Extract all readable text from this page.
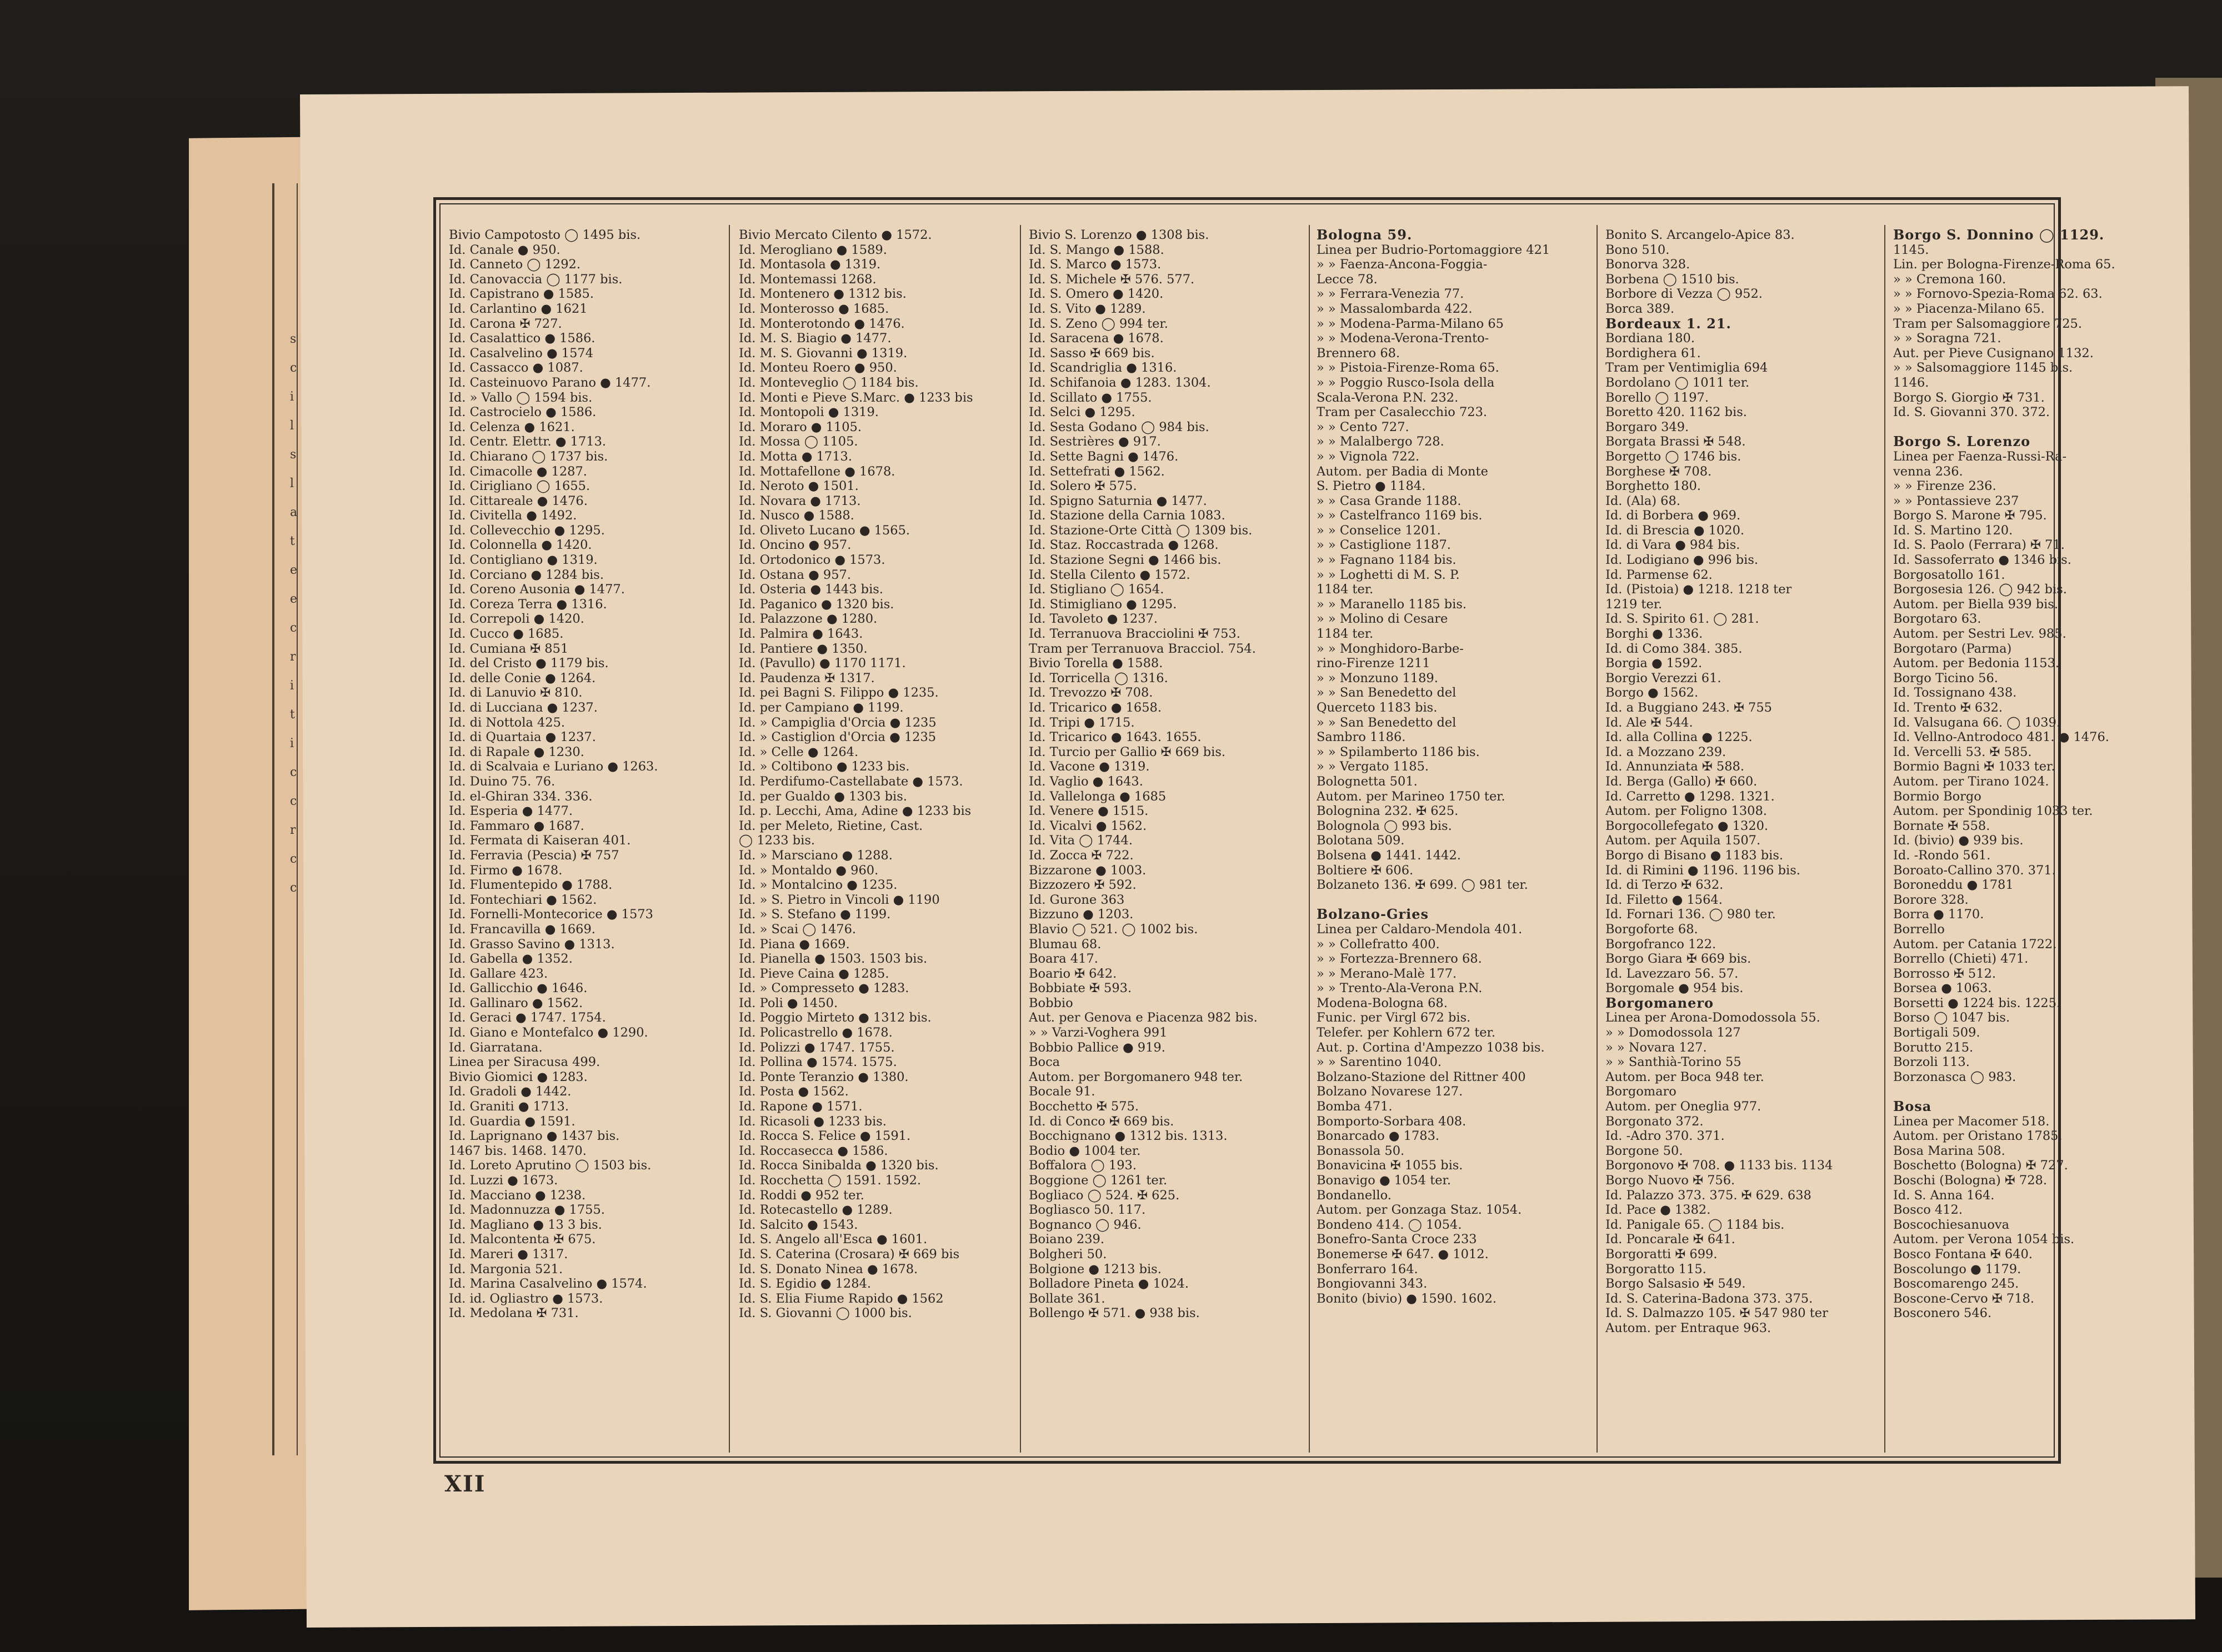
s
c
i
l
s
l
a
t
e
e
c
r
i
t
i
c
c
r
c
c
Bivio Campotosto ◯ 1495 bis.
Id. Canale ● 950.
Id. Canneto ◯ 1292.
Id. Canovaccia ◯ 1177 bis.
Id. Capistrano ● 1585.
Id. Carlantino ● 1621
Id. Carona ✠ 727.
Id. Casalattico ● 1586.
Id. Casalvelino ● 1574
Id. Cassacco ● 1087.
Id. Casteinuovo Parano ● 1477.
Id. » Vallo ◯ 1594 bis.
Id. Castrocielo ● 1586.
Id. Celenza ● 1621.
Id. Centr. Elettr. ● 1713.
Id. Chiarano ◯ 1737 bis.
Id. Cimacolle ● 1287.
Id. Cirigliano ◯ 1655.
Id. Cittareale ● 1476.
Id. Civitella ● 1492.
Id. Collevecchio ● 1295.
Id. Colonnella ● 1420.
Id. Contigliano ● 1319.
Id. Corciano ● 1284 bis.
Id. Coreno Ausonia ● 1477.
Id. Coreza Terra ● 1316.
Id. Correpoli ● 1420.
Id. Cucco ● 1685.
Id. Cumiana ✠ 851
Id. del Cristo ● 1179 bis.
Id. delle Conie ● 1264.
Id. di Lanuvio ✠ 810.
Id. di Lucciana ● 1237.
Id. di Nottola 425.
Id. di Quartaia ● 1237.
Id. di Rapale ● 1230.
Id. di Scalvaia e Luriano ● 1263.
Id. Duino 75. 76.
Id. el-Ghiran 334. 336.
Id. Esperia ● 1477.
Id. Fammaro ● 1687.
Id. Fermata di Kaiseran 401.
Id. Ferravia (Pescia) ✠ 757
Id. Firmo ● 1678.
Id. Flumentepido ● 1788.
Id. Fontechiari ● 1562.
Id. Fornelli-Montecorice ● 1573
Id. Francavilla ● 1669.
Id. Grasso Savino ● 1313.
Id. Gabella ● 1352.
Id. Gallare 423.
Id. Gallicchio ● 1646.
Id. Gallinaro ● 1562.
Id. Geraci ● 1747. 1754.
Id. Giano e Montefalco ● 1290.
Id. Giarratana.
Linea per Siracusa 499.
Bivio Giomici ● 1283.
Id. Gradoli ● 1442.
Id. Graniti ● 1713.
Id. Guardia ● 1591.
Id. Laprignano ● 1437 bis.
1467 bis. 1468. 1470.
Id. Loreto Aprutino ◯ 1503 bis.
Id. Luzzi ● 1673.
Id. Macciano ● 1238.
Id. Madonnuzza ● 1755.
Id. Magliano ● 13 3 bis.
Id. Malcontenta ✠ 675.
Id. Mareri ● 1317.
Id. Margonia 521.
Id. Marina Casalvelino ● 1574.
Id. id. Ogliastro ● 1573.
Id. Medolana ✠ 731.
Bivio Mercato Cilento ● 1572.
Id. Merogliano ● 1589.
Id. Montasola ● 1319.
Id. Montemassi 1268.
Id. Montenero ● 1312 bis.
Id. Monterosso ● 1685.
Id. Monterotondo ● 1476.
Id. M. S. Biagio ● 1477.
Id. M. S. Giovanni ● 1319.
Id. Monteu Roero ● 950.
Id. Monteveglio ◯ 1184 bis.
Id. Monti e Pieve S.Marc. ● 1233 bis
Id. Montopoli ● 1319.
Id. Moraro ● 1105.
Id. Mossa ◯ 1105.
Id. Motta ● 1713.
Id. Mottafellone ● 1678.
Id. Neroto ● 1501.
Id. Novara ● 1713.
Id. Nusco ● 1588.
Id. Oliveto Lucano ● 1565.
Id. Oncino ● 957.
Id. Ortodonico ● 1573.
Id. Ostana ● 957.
Id. Osteria ● 1443 bis.
Id. Paganico ● 1320 bis.
Id. Palazzone ● 1280.
Id. Palmira ● 1643.
Id. Pantiere ● 1350.
Id. (Pavullo) ● 1170 1171.
Id. Paudenza ✠ 1317.
Id. pei Bagni S. Filippo ● 1235.
Id. per Campiano ● 1199.
Id. » Campiglia d'Orcia ● 1235
Id. » Castiglion d'Orcia ● 1235
Id. » Celle ● 1264.
Id. » Coltibono ● 1233 bis.
Id. Perdifumo-Castellabate ● 1573.
Id. per Gualdo ● 1303 bis.
Id. p. Lecchi, Ama, Adine ● 1233 bis
Id. per Meleto, Rietine, Cast.
◯ 1233 bis.
Id. » Marsciano ● 1288.
Id. » Montaldo ● 960.
Id. » Montalcino ● 1235.
Id. » S. Pietro in Vincoli ● 1190
Id. » S. Stefano ● 1199.
Id. » Scai ◯ 1476.
Id. Piana ● 1669.
Id. Pianella ● 1503. 1503 bis.
Id. Pieve Caina ● 1285.
Id. » Compresseto ● 1283.
Id. Poli ● 1450.
Id. Poggio Mirteto ● 1312 bis.
Id. Policastrello ● 1678.
Id. Polizzi ● 1747. 1755.
Id. Pollina ● 1574. 1575.
Id. Ponte Teranzio ● 1380.
Id. Posta ● 1562.
Id. Rapone ● 1571.
Id. Ricasoli ● 1233 bis.
Id. Rocca S. Felice ● 1591.
Id. Roccasecca ● 1586.
Id. Rocca Sinibalda ● 1320 bis.
Id. Rocchetta ◯ 1591. 1592.
Id. Roddi ● 952 ter.
Id. Rotecastello ● 1289.
Id. Salcito ● 1543.
Id. S. Angelo all'Esca ● 1601.
Id. S. Caterina (Crosara) ✠ 669 bis
Id. S. Donato Ninea ● 1678.
Id. S. Egidio ● 1284.
Id. S. Elia Fiume Rapido ● 1562
Id. S. Giovanni ◯ 1000 bis.
Bivio S. Lorenzo ● 1308 bis.
Id. S. Mango ● 1588.
Id. S. Marco ● 1573.
Id. S. Michele ✠ 576. 577.
Id. S. Omero ● 1420.
Id. S. Vito ● 1289.
Id. S. Zeno ◯ 994 ter.
Id. Saracena ● 1678.
Id. Sasso ✠ 669 bis.
Id. Scandriglia ● 1316.
Id. Schifanoia ● 1283. 1304.
Id. Scillato ● 1755.
Id. Selci ● 1295.
Id. Sesta Godano ◯ 984 bis.
Id. Sestrières ● 917.
Id. Sette Bagni ● 1476.
Id. Settefrati ● 1562.
Id. Solero ✠ 575.
Id. Spigno Saturnia ● 1477.
Id. Stazione della Carnia 1083.
Id. Stazione-Orte Città ◯ 1309 bis.
Id. Staz. Roccastrada ● 1268.
Id. Stazione Segni ● 1466 bis.
Id. Stella Cilento ● 1572.
Id. Stigliano ◯ 1654.
Id. Stimigliano ● 1295.
Id. Tavoleto ● 1237.
Id. Terranuova Bracciolini ✠ 753.
Tram per Terranuova Bracciol. 754.
Bivio Torella ● 1588.
Id. Torricella ◯ 1316.
Id. Trevozzo ✠ 708.
Id. Tricarico ● 1658.
Id. Tripi ● 1715.
Id. Tricarico ● 1643. 1655.
Id. Turcio per Gallio ✠ 669 bis.
Id. Vacone ● 1319.
Id. Vaglio ● 1643.
Id. Vallelonga ● 1685
Id. Venere ● 1515.
Id. Vicalvi ● 1562.
Id. Vita ◯ 1744.
Id. Zocca ✠ 722.
Bizzarone ● 1003.
Bizzozero ✠ 592.
Id. Gurone 363
Bizzuno ● 1203.
Blavio ◯ 521. ◯ 1002 bis.
Blumau 68.
Boara 417.
Boario ✠ 642.
Bobbiate ✠ 593.
Bobbio
Aut. per Genova e Piacenza 982 bis.
» » Varzi-Voghera 991
Bobbio Pallice ● 919.
Boca
Autom. per Borgomanero 948 ter.
Bocale 91.
Bocchetto ✠ 575.
Id. di Conco ✠ 669 bis.
Bocchignano ● 1312 bis. 1313.
Bodio ● 1004 ter.
Boffalora ◯ 193.
Boggione ◯ 1261 ter.
Bogliaco ◯ 524. ✠ 625.
Bogliasco 50. 117.
Bognanco ◯ 946.
Boiano 239.
Bolgheri 50.
Bolgione ● 1213 bis.
Bolladore Pineta ● 1024.
Bollate 361.
Bollengo ✠ 571. ● 938 bis.
Bologna 59.
Linea per Budrio-Portomaggiore 421
» » Faenza-Ancona-Foggia-
Lecce 78.
» » Ferrara-Venezia 77.
» » Massalombarda 422.
» » Modena-Parma-Milano 65
» » Modena-Verona-Trento-
Brennero 68.
» » Pistoia-Firenze-Roma 65.
» » Poggio Rusco-Isola della
Scala-Verona P.N. 232.
Tram per Casalecchio 723.
» » Cento 727.
» » Malalbergo 728.
» » Vignola 722.
Autom. per Badia di Monte
S. Pietro ● 1184.
» » Casa Grande 1188.
» » Castelfranco 1169 bis.
» » Conselice 1201.
» » Castiglione 1187.
» » Fagnano 1184 bis.
» » Loghetti di M. S. P.
1184 ter.
» » Maranello 1185 bis.
» » Molino di Cesare
1184 ter.
» » Monghidoro-Barbe-
rino-Firenze 1211
» » Monzuno 1189.
» » San Benedetto del
Querceto 1183 bis.
» » San Benedetto del
Sambro 1186.
» » Spilamberto 1186 bis.
» » Vergato 1185.
Bolognetta 501.
Autom. per Marineo 1750 ter.
Bolognina 232. ✠ 625.
Bolognola ◯ 993 bis.
Bolotana 509.
Bolsena ● 1441. 1442.
Boltiere ✠ 606.
Bolzaneto 136. ✠ 699. ◯ 981 ter.
Bolzano-Gries
Linea per Caldaro-Mendola 401.
» » Collefratto 400.
» » Fortezza-Brennero 68.
» » Merano-Malè 177.
» » Trento-Ala-Verona P.N.
Modena-Bologna 68.
Funic. per Virgl 672 bis.
Telefer. per Kohlern 672 ter.
Aut. p. Cortina d'Ampezzo 1038 bis.
» » Sarentino 1040.
Bolzano-Stazione del Rittner 400
Bolzano Novarese 127.
Bomba 471.
Bomporto-Sorbara 408.
Bonarcado ● 1783.
Bonassola 50.
Bonavicina ✠ 1055 bis.
Bonavigo ● 1054 ter.
Bondanello.
Autom. per Gonzaga Staz. 1054.
Bondeno 414. ◯ 1054.
Bonefro-Santa Croce 233
Bonemerse ✠ 647. ● 1012.
Bonferraro 164.
Bongiovanni 343.
Bonito (bivio) ● 1590. 1602.
Bonito S. Arcangelo-Apice 83.
Bono 510.
Bonorva 328.
Borbena ◯ 1510 bis.
Borbore di Vezza ◯ 952.
Borca 389.
Bordeaux 1. 21.
Bordiana 180.
Bordighera 61.
Tram per Ventimiglia 694
Bordolano ◯ 1011 ter.
Borello ◯ 1197.
Boretto 420. 1162 bis.
Borgaro 349.
Borgata Brassi ✠ 548.
Borgetto ◯ 1746 bis.
Borghese ✠ 708.
Borghetto 180.
Id. (Ala) 68.
Id. di Borbera ● 969.
Id. di Brescia ● 1020.
Id. di Vara ● 984 bis.
Id. Lodigiano ● 996 bis.
Id. Parmense 62.
Id. (Pistoia) ● 1218. 1218 ter
1219 ter.
Id. S. Spirito 61. ◯ 281.
Borghi ● 1336.
Id. di Como 384. 385.
Borgia ● 1592.
Borgio Verezzi 61.
Borgo ● 1562.
Id. a Buggiano 243. ✠ 755
Id. Ale ✠ 544.
Id. alla Collina ● 1225.
Id. a Mozzano 239.
Id. Annunziata ✠ 588.
Id. Berga (Gallo) ✠ 660.
Id. Carretto ● 1298. 1321.
Autom. per Foligno 1308.
Borgocollefegato ● 1320.
Autom. per Aquila 1507.
Borgo di Bisano ● 1183 bis.
Id. di Rimini ● 1196. 1196 bis.
Id. di Terzo ✠ 632.
Id. Filetto ● 1564.
Id. Fornari 136. ◯ 980 ter.
Borgoforte 68.
Borgofranco 122.
Borgo Giara ✠ 669 bis.
Id. Lavezzaro 56. 57.
Borgomale ● 954 bis.
Borgomanero
Linea per Arona-Domodossola 55.
» » Domodossola 127
» » Novara 127.
» » Santhià-Torino 55
Autom. per Boca 948 ter.
Borgomaro
Autom. per Oneglia 977.
Borgonato 372.
Id. -Adro 370. 371.
Borgone 50.
Borgonovo ✠ 708. ● 1133 bis. 1134
Borgo Nuovo ✠ 756.
Id. Palazzo 373. 375. ✠ 629. 638
Id. Pace ● 1382.
Id. Panigale 65. ◯ 1184 bis.
Id. Poncarale ✠ 641.
Borgoratti ✠ 699.
Borgoratto 115.
Borgo Salsasio ✠ 549.
Id. S. Caterina-Badona 373. 375.
Id. S. Dalmazzo 105. ✠ 547 980 ter
Autom. per Entraque 963.
Borgo S. Donnino ◯ 1129.
1145.
Lin. per Bologna-Firenze-Roma 65.
» » Cremona 160.
» » Fornovo-Spezia-Roma 62. 63.
» » Piacenza-Milano 65.
Tram per Salsomaggiore 725.
» » Soragna 721.
Aut. per Pieve Cusignano 1132.
» » Salsomaggiore 1145 bis.
1146.
Borgo S. Giorgio ✠ 731.
Id. S. Giovanni 370. 372.
Borgo S. Lorenzo
Linea per Faenza-Russi-Ra-
venna 236.
» » Firenze 236.
» » Pontassieve 237
Borgo S. Marone ✠ 795.
Id. S. Martino 120.
Id. S. Paolo (Ferrara) ✠ 71.
Id. Sassoferrato ● 1346 bis.
Borgosatollo 161.
Borgosesia 126. ◯ 942 bis.
Autom. per Biella 939 bis.
Borgotaro 63.
Autom. per Sestri Lev. 985.
Borgotaro (Parma)
Autom. per Bedonia 1153.
Borgo Ticino 56.
Id. Tossignano 438.
Id. Trento ✠ 632.
Id. Valsugana 66. ◯ 1039.
Id. Vellno-Antrodoco 481. ● 1476.
Id. Vercelli 53. ✠ 585.
Bormio Bagni ✠ 1033 ter.
Autom. per Tirano 1024.
Bormio Borgo
Autom. per Spondinig 1033 ter.
Bornate ✠ 558.
Id. (bivio) ● 939 bis.
Id. -Rondo 561.
Boroato-Callino 370. 371.
Boroneddu ● 1781
Borore 328.
Borra ● 1170.
Borrello
Autom. per Catania 1722.
Borrello (Chieti) 471.
Borrosso ✠ 512.
Borsea ● 1063.
Borsetti ● 1224 bis. 1225.
Borso ◯ 1047 bis.
Bortigali 509.
Borutto 215.
Borzoli 113.
Borzonasca ◯ 983.
Bosa
Linea per Macomer 518.
Autom. per Oristano 1785.
Bosa Marina 508.
Boschetto (Bologna) ✠ 727.
Boschi (Bologna) ✠ 728.
Id. S. Anna 164.
Bosco 412.
Boscochiesanuova
Autom. per Verona 1054 bis.
Bosco Fontana ✠ 640.
Boscolungo ● 1179.
Boscomarengo 245.
Boscone-Cervo ✠ 718.
Bosconero 546.
XII
